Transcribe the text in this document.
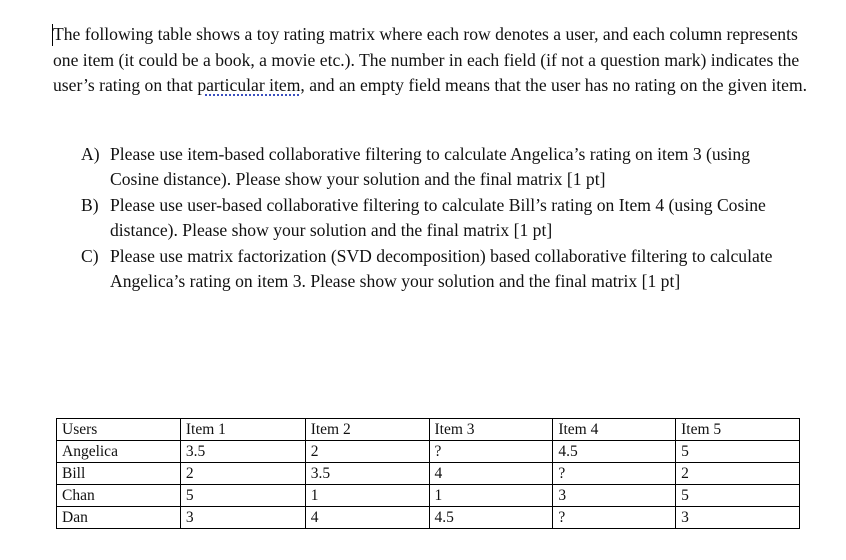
The following table shows a toy rating matrix where each row denotes a user, and each column represents one item (it could be a book, a movie etc.). The number in each field (if not a question mark) indicates the user’s rating on that particular item, and an empty field means that the user has no rating on the given item.

A) Please use item-based collaborative filtering to calculate Angelica’s rating on item 3 (using Cosine distance). Please show your solution and the final matrix [1 pt]
B) Please use user-based collaborative filtering to calculate Bill’s rating on Item 4 (using Cosine distance). Please show your solution and the final matrix [1 pt]
C) Please use matrix factorization (SVD decomposition) based collaborative filtering to calculate Angelica’s rating on item 3. Please show your solution and the final matrix [1 pt]
Users	Item 1	Item 2	Item 3	Item 4	Item 5
Angelica	3.5	2	?	4.5	5
Bill	2	3.5	4	?	2
Chan	5	1	1	3	5
Dan	3	4	4.5	?	3
